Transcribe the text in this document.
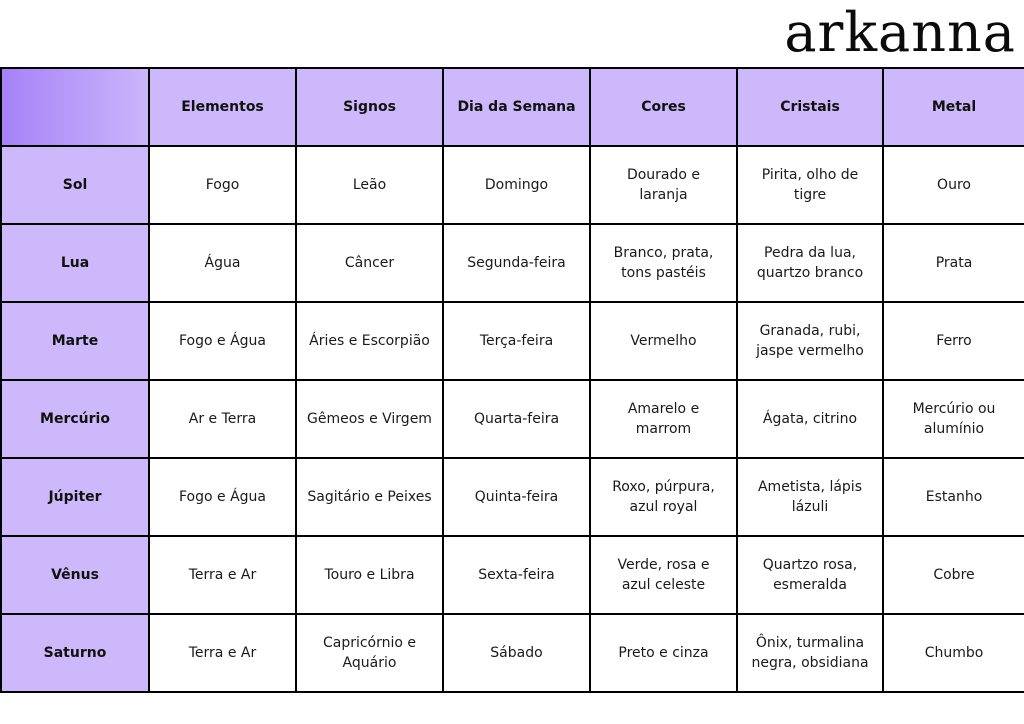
arkanna
	Elementos	Signos	Dia da Semana	Cores	Cristais	Metal
Sol	Fogo	Leão	Domingo	Dourado e laranja	Pirita, olho de tigre	Ouro
Lua	Água	Câncer	Segunda-feira	Branco, prata, tons pastéis	Pedra da lua, quartzo branco	Prata
Marte	Fogo e Água	Áries e Escorpião	Terça-feira	Vermelho	Granada, rubi, jaspe vermelho	Ferro
Mercúrio	Ar e Terra	Gêmeos e Virgem	Quarta-feira	Amarelo e marrom	Ágata, citrino	Mercúrio ou alumínio
Júpiter	Fogo e Água	Sagitário e Peixes	Quinta-feira	Roxo, púrpura, azul royal	Ametista, lápis lázuli	Estanho
Vênus	Terra e Ar	Touro e Libra	Sexta-feira	Verde, rosa e azul celeste	Quartzo rosa, esmeralda	Cobre
Saturno	Terra e Ar	Capricórnio e Aquário	Sábado	Preto e cinza	Ônix, turmalina negra, obsidiana	Chumbo
